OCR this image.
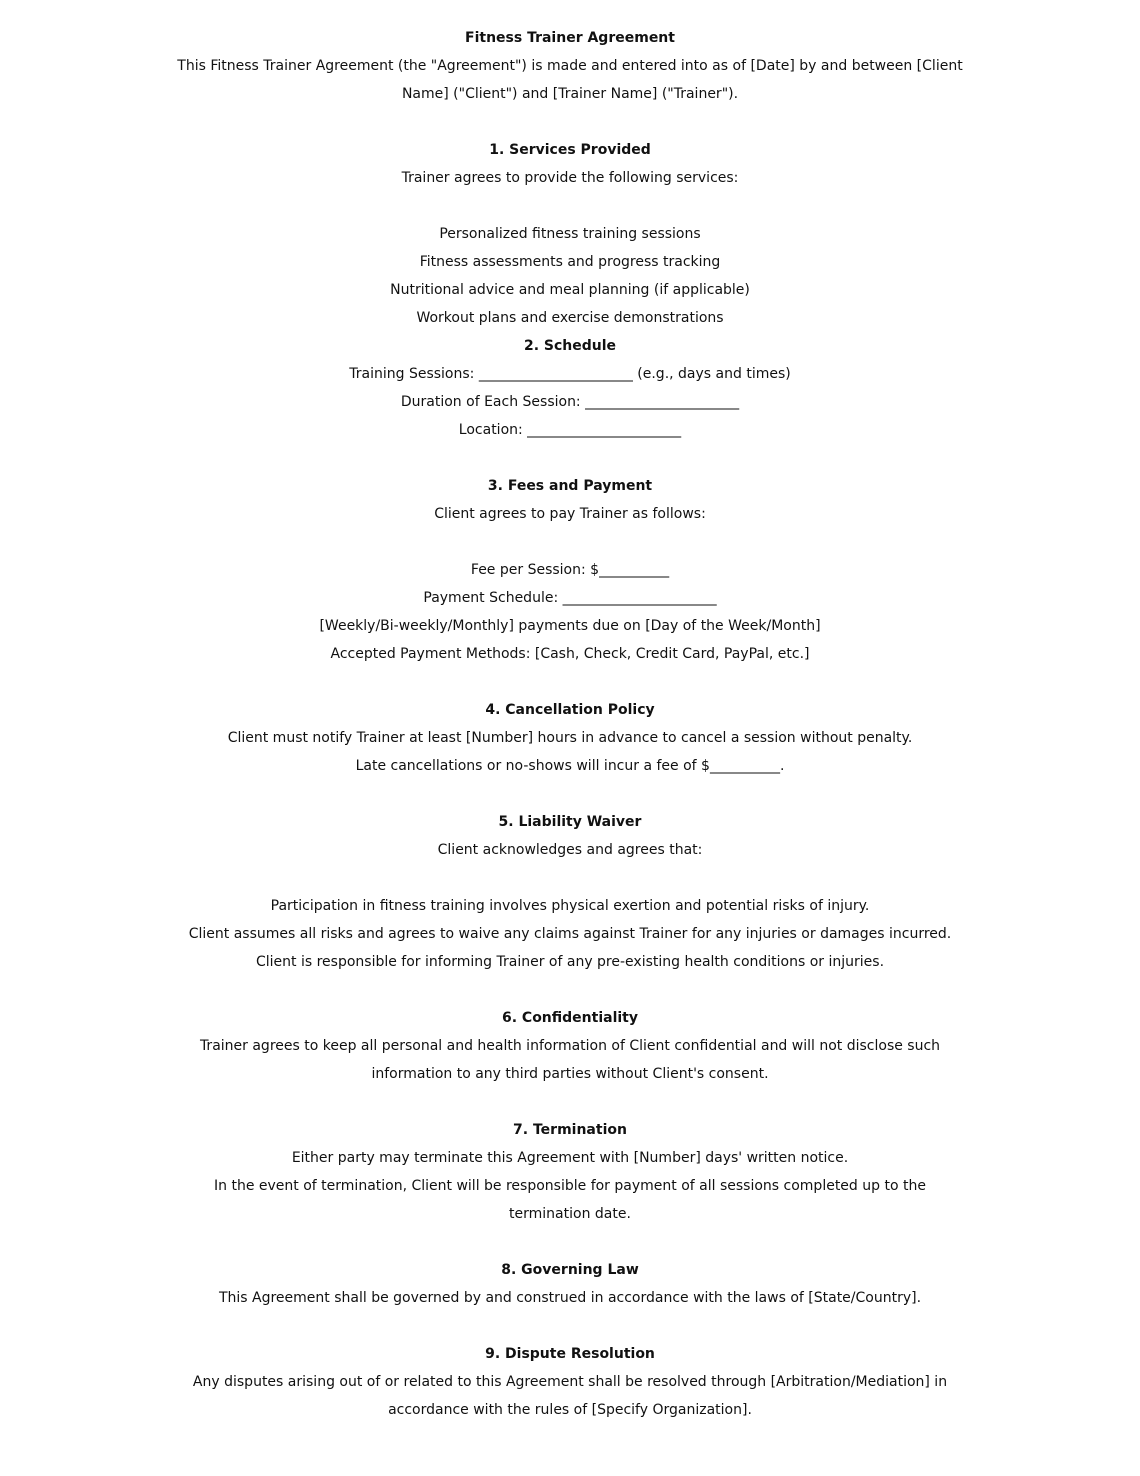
Fitness Trainer Agreement

This Fitness Trainer Agreement (the "Agreement") is made and entered into as of [Date] by and between [Client

Name] ("Client") and [Trainer Name] ("Trainer").

1. Services Provided

Trainer agrees to provide the following services:

Personalized fitness training sessions

Fitness assessments and progress tracking

Nutritional advice and meal planning (if applicable)

Workout plans and exercise demonstrations

2. Schedule

Training Sessions: ______________________ (e.g., days and times)

Duration of Each Session: ______________________

Location: ______________________

3. Fees and Payment

Client agrees to pay Trainer as follows:

Fee per Session: $__________

Payment Schedule: ______________________

[Weekly/Bi-weekly/Monthly] payments due on [Day of the Week/Month]

Accepted Payment Methods: [Cash, Check, Credit Card, PayPal, etc.]

4. Cancellation Policy

Client must notify Trainer at least [Number] hours in advance to cancel a session without penalty.

Late cancellations or no-shows will incur a fee of $__________.

5. Liability Waiver

Client acknowledges and agrees that:

Participation in fitness training involves physical exertion and potential risks of injury.

Client assumes all risks and agrees to waive any claims against Trainer for any injuries or damages incurred.

Client is responsible for informing Trainer of any pre-existing health conditions or injuries.

6. Confidentiality

Trainer agrees to keep all personal and health information of Client confidential and will not disclose such

information to any third parties without Client's consent.

7. Termination

Either party may terminate this Agreement with [Number] days' written notice.

In the event of termination, Client will be responsible for payment of all sessions completed up to the

termination date.

8. Governing Law

This Agreement shall be governed by and construed in accordance with the laws of [State/Country].

9. Dispute Resolution

Any disputes arising out of or related to this Agreement shall be resolved through [Arbitration/Mediation] in

accordance with the rules of [Specify Organization].
